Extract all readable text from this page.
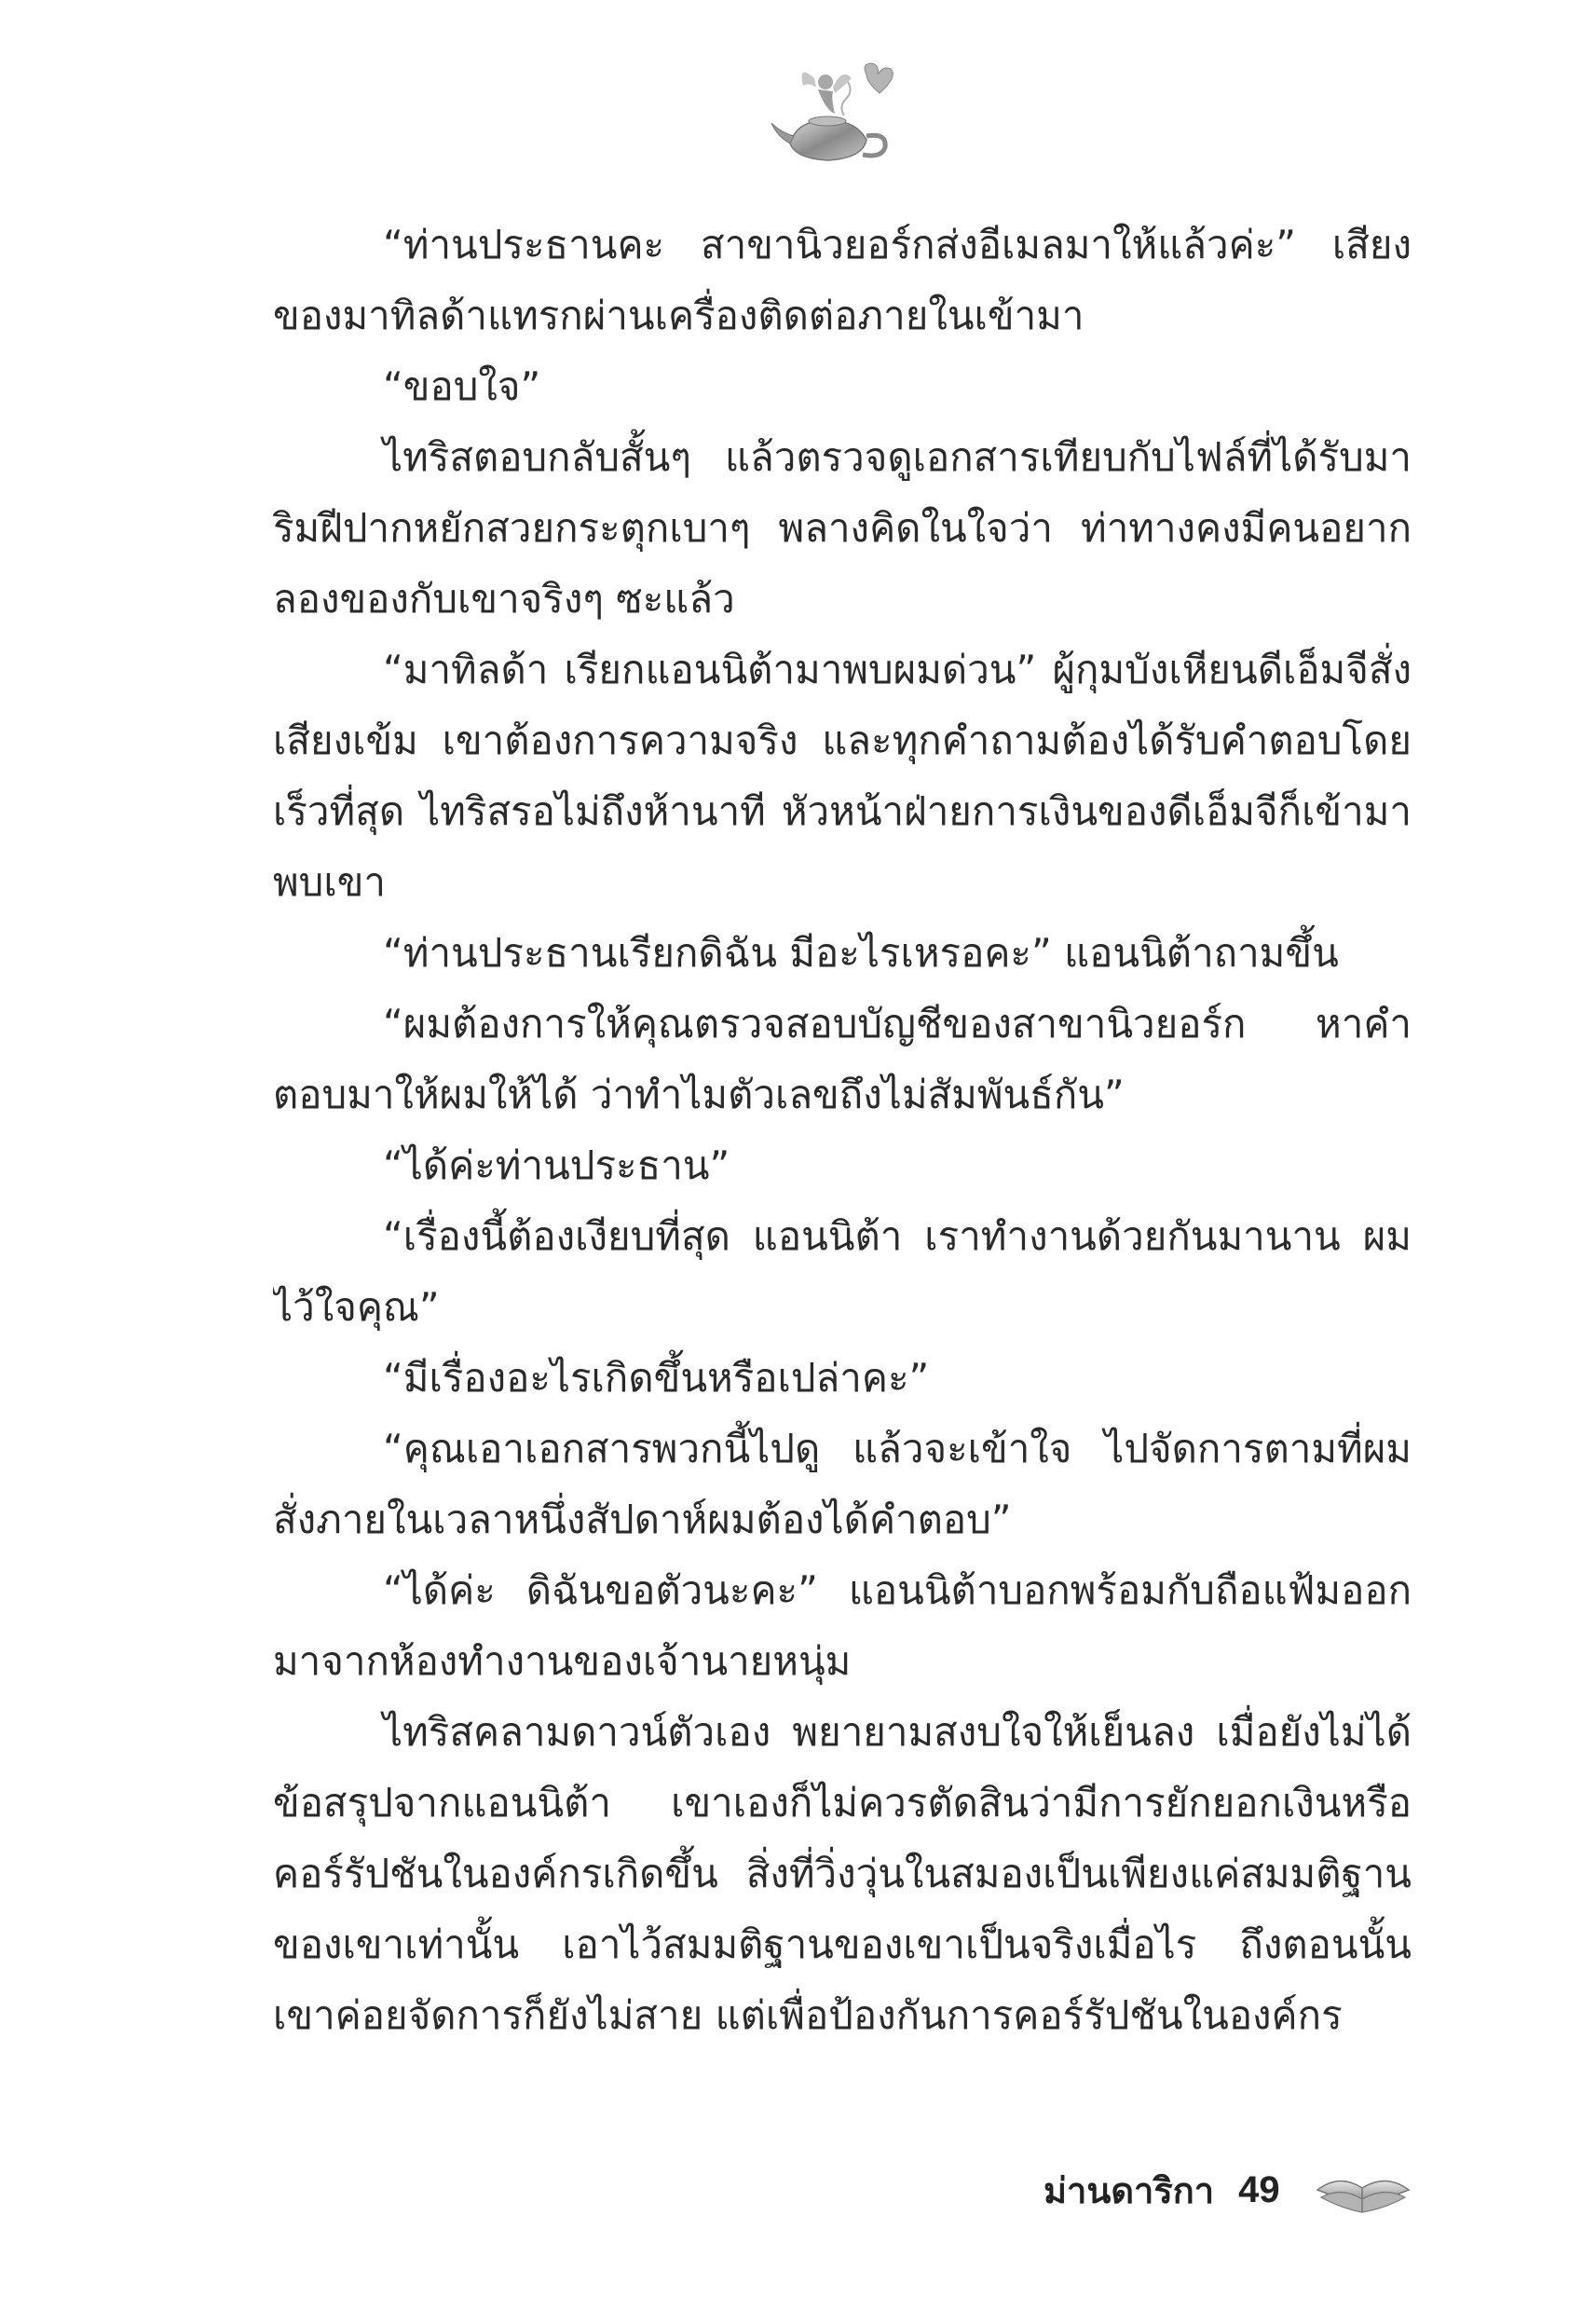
“ท่านประธานคะ สาขานิวยอร์กส่งอีเมลมาให้แล้วค่ะ” เสียงของมาทิลด้าแทรกผ่านเครื่องติดต่อภายในเข้ามา

“ขอบใจ”

ไทริสตอบกลับสั้นๆ แล้วตรวจดูเอกสารเทียบกับไฟล์ที่ได้รับมา ริมฝีปากหยักสวยกระตุกเบาๆ พลางคิดในใจว่า ท่าทางคงมีคนอยากลองของกับเขาจริงๆ ซะแล้ว

“มาทิลด้า เรียกแอนนิต้ามาพบผมด่วน” ผู้กุมบังเหียนดีเอ็มจีสั่งเสียงเข้ม เขาต้องการความจริง และทุกคำถามต้องได้รับคำตอบโดยเร็วที่สุด ไทริสรอไม่ถึงห้านาที หัวหน้าฝ่ายการเงินของดีเอ็มจีก็เข้ามาพบเขา

“ท่านประธานเรียกดิฉัน มีอะไรเหรอคะ” แอนนิต้าถามขึ้น

“ผมต้องการให้คุณตรวจสอบบัญชีของสาขานิวยอร์ก หาคำตอบมาให้ผมให้ได้ ว่าทำไมตัวเลขถึงไม่สัมพันธ์กัน”

“ได้ค่ะท่านประธาน”

“เรื่องนี้ต้องเงียบที่สุด แอนนิต้า เราทำงานด้วยกันมานาน ผมไว้ใจคุณ”

“มีเรื่องอะไรเกิดขึ้นหรือเปล่าคะ”

“คุณเอาเอกสารพวกนี้ไปดู แล้วจะเข้าใจ ไปจัดการตามที่ผมสั่งภายในเวลาหนึ่งสัปดาห์ผมต้องได้คำตอบ”

“ได้ค่ะ ดิฉันขอตัวนะคะ” แอนนิต้าบอกพร้อมกับถือแฟ้มออกมาจากห้องทำงานของเจ้านายหนุ่ม

ไทริสคลามดาวน์ตัวเอง พยายามสงบใจให้เย็นลง เมื่อยังไม่ได้ข้อสรุปจากแอนนิต้า เขาเองก็ไม่ควรตัดสินว่ามีการยักยอกเงินหรือคอร์รัปชันในองค์กรเกิดขึ้น สิ่งที่วิ่งวุ่นในสมองเป็นเพียงแค่สมมติฐานของเขาเท่านั้น เอาไว้สมมติฐานของเขาเป็นจริงเมื่อไร ถึงตอนนั้นเขาค่อยจัดการก็ยังไม่สาย แต่เพื่อป้องกันการคอร์รัปชันในองค์กร

ม่านดาริกา 49
